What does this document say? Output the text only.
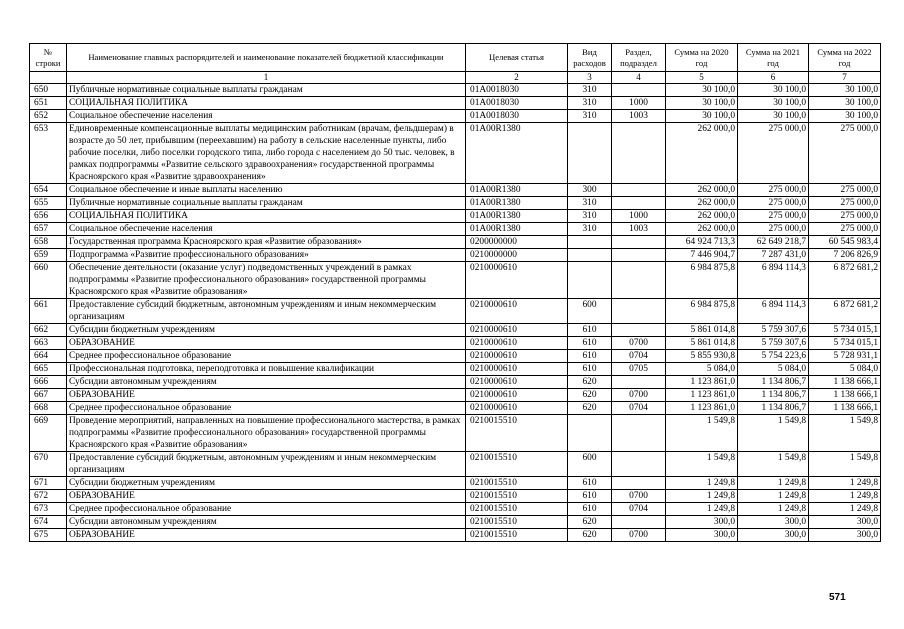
№
строки	Наименование главных распорядителей и наименование показателей бюджетной классификации	Целевая статья	Вид расходов	Раздел, подраздел	Сумма на 2020 год	Сумма на 2021 год	Сумма на 2022 год
	1	2	3	4	5	6	7
650	Публичные нормативные социальные выплаты гражданам	01А0018030	310		30 100,0	30 100,0	30 100,0
651	СОЦИАЛЬНАЯ ПОЛИТИКА	01А0018030	310	1000	30 100,0	30 100,0	30 100,0
652	Социальное обеспечение населения	01А0018030	310	1003	30 100,0	30 100,0	30 100,0
653	Единовременные компенсационные выплаты медицинским работникам (врачам, фельдшерам) в возрасте до 50 лет, прибывшим (переехавшим) на работу в сельские населенные пункты, либо рабочие поселки, либо поселки городского типа, либо города с населением до 50 тыс. человек, в рамках подпрограммы «Развитие сельского здравоохранения» государственной программы Красноярского края «Развитие здравоохранения»	01А00R1380			262 000,0	275 000,0	275 000,0
654	Социальное обеспечение и иные выплаты населению	01А00R1380	300		262 000,0	275 000,0	275 000,0
655	Публичные нормативные социальные выплаты гражданам	01А00R1380	310		262 000,0	275 000,0	275 000,0
656	СОЦИАЛЬНАЯ ПОЛИТИКА	01А00R1380	310	1000	262 000,0	275 000,0	275 000,0
657	Социальное обеспечение населения	01А00R1380	310	1003	262 000,0	275 000,0	275 000,0
658	Государственная программа Красноярского края «Развитие образования»	0200000000			64 924 713,3	62 649 218,7	60 545 983,4
659	Подпрограмма «Развитие профессионального образования»	0210000000			7 446 904,7	7 287 431,0	7 206 826,9
660	Обеспечение деятельности (оказание услуг) подведомственных учреждений в рамках подпрограммы «Развитие профессионального образования» государственной программы Красноярского края «Развитие образования»	0210000610			6 984 875,8	6 894 114,3	6 872 681,2
661	Предоставление субсидий бюджетным, автономным учреждениям и иным некоммерческим организациям	0210000610	600		6 984 875,8	6 894 114,3	6 872 681,2
662	Субсидии бюджетным учреждениям	0210000610	610		5 861 014,8	5 759 307,6	5 734 015,1
663	ОБРАЗОВАНИЕ	0210000610	610	0700	5 861 014,8	5 759 307,6	5 734 015,1
664	Среднее профессиональное образование	0210000610	610	0704	5 855 930,8	5 754 223,6	5 728 931,1
665	Профессиональная подготовка, переподготовка и повышение квалификации	0210000610	610	0705	5 084,0	5 084,0	5 084,0
666	Субсидии автономным учреждениям	0210000610	620		1 123 861,0	1 134 806,7	1 138 666,1
667	ОБРАЗОВАНИЕ	0210000610	620	0700	1 123 861,0	1 134 806,7	1 138 666,1
668	Среднее профессиональное образование	0210000610	620	0704	1 123 861,0	1 134 806,7	1 138 666,1
669	Проведение мероприятий, направленных на повышение профессионального мастерства, в рамках подпрограммы «Развитие профессионального образования» государственной программы Красноярского края «Развитие образования»	0210015510			1 549,8	1 549,8	1 549,8
670	Предоставление субсидий бюджетным, автономным учреждениям и иным некоммерческим организациям	0210015510	600		1 549,8	1 549,8	1 549,8
671	Субсидии бюджетным учреждениям	0210015510	610		1 249,8	1 249,8	1 249,8
672	ОБРАЗОВАНИЕ	0210015510	610	0700	1 249,8	1 249,8	1 249,8
673	Среднее профессиональное образование	0210015510	610	0704	1 249,8	1 249,8	1 249,8
674	Субсидии автономным учреждениям	0210015510	620		300,0	300,0	300,0
675	ОБРАЗОВАНИЕ	0210015510	620	0700	300,0	300,0	300,0
571
